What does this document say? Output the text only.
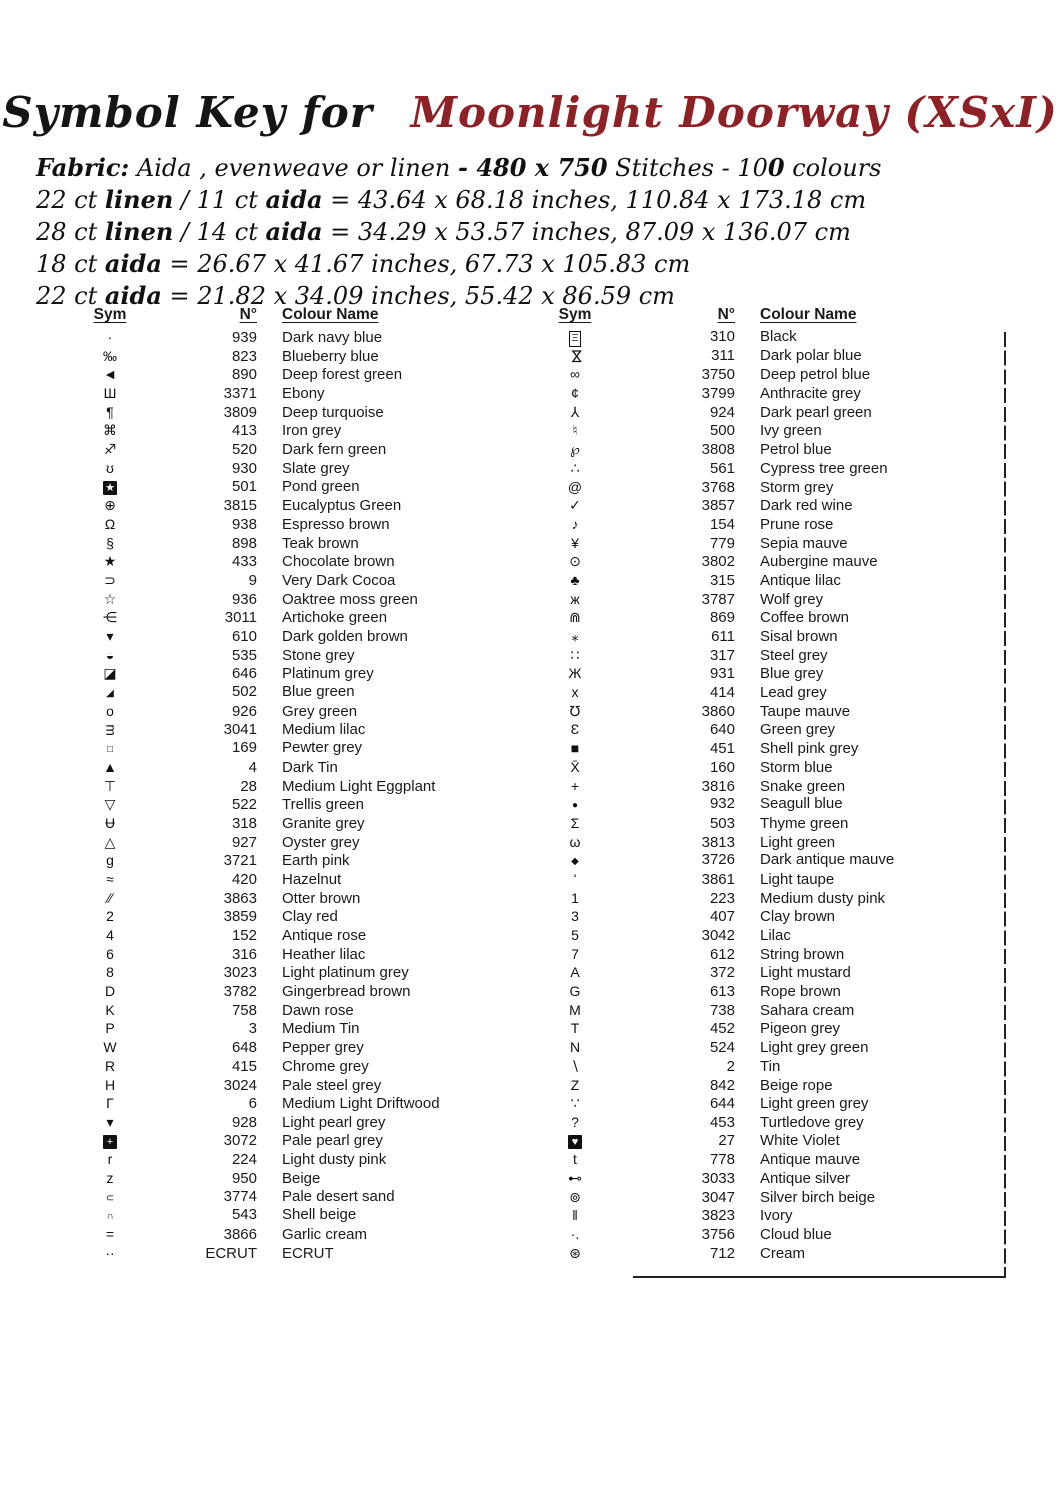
Symbol Key for Moonlight Doorway (XSxI)
Fabric: Aida , evenweave or linen - 480 x 750 Stitches - 100 colours
22 ct linen / 11 ct aida = 43.64 x 68.18 inches, 110.84 x 173.18 cm
28 ct linen / 14 ct aida = 34.29 x 53.57 inches, 87.09 x 136.07 cm
18 ct aida = 26.67 x 41.67 inches, 67.73 x 105.83 cm
22 ct aida = 21.82 x 34.09 inches, 55.42 x 86.59 cm
Sym	N°	Colour Name
·	939	Dark navy blue
‰	823	Blueberry blue
◄	890	Deep forest green
Ш	3371	Ebony
¶	3809	Deep turquoise
⌘	413	Iron grey
♐	520	Dark fern green
ʊ	930	Slate grey
★	501	Pond green
⊕	3815	Eucalyptus Green
Ω	938	Espresso brown
§	898	Teak brown
★	433	Chocolate brown
⊃	9	Very Dark Cocoa
☆	936	Oaktree moss green
⋲	3011	Artichoke green
▾	610	Dark golden brown
◒	535	Stone grey
◪	646	Platinum grey
◢	502	Blue green
o	926	Grey green
ᴟ	3041	Medium lilac
□	169	Pewter grey
▲	4	Dark Tin
⊤	28	Medium Light Eggplant
▽	522	Trellis green
Ʉ	318	Granite grey
△	927	Oyster grey
g	3721	Earth pink
≈	420	Hazelnut
∕∕	3863	Otter brown
2	3859	Clay red
4	152	Antique rose
6	316	Heather lilac
8	3023	Light platinum grey
D	3782	Gingerbread brown
K	758	Dawn rose
P	3	Medium Tin
W	648	Pepper grey
R	415	Chrome grey
H	3024	Pale steel grey
Γ	6	Medium Light Driftwood
▾	928	Light pearl grey
+	3072	Pale pearl grey
r	224	Light dusty pink
z	950	Beige
⊂	3774	Pale desert sand
∩	543	Shell beige
=	3866	Garlic cream
··	ECRUT	ECRUT
Sym	N°	Colour Name
Ξ	310	Black
⋈	311	Dark polar blue
∞	3750	Deep petrol blue
¢	3799	Anthracite grey
⅄	924	Dark pearl green
♮	500	Ivy green
℘	3808	Petrol blue
∴	561	Cypress tree green
@	3768	Storm grey
✓	3857	Dark red wine
♪	154	Prune rose
¥	779	Sepia mauve
⊙	3802	Aubergine mauve
♣	315	Antique lilac
ж	3787	Wolf grey
⋒	869	Coffee brown
⁎	611	Sisal brown
∷	317	Steel grey
Ж	931	Blue grey
x	414	Lead grey
℧	3860	Taupe mauve
Ɛ	640	Green grey
■	451	Shell pink grey
X̄	160	Storm blue
+	3816	Snake green
●	932	Seagull blue
Σ	503	Thyme green
ω	3813	Light green
◆	3726	Dark antique mauve
ʻ	3861	Light taupe
1	223	Medium dusty pink
3	407	Clay brown
5	3042	Lilac
7	612	String brown
A	372	Light mustard
G	613	Rope brown
M	738	Sahara cream
T	452	Pigeon grey
N	524	Light grey green
∖	2	Tin
Z	842	Beige rope
∵	644	Light green grey
?	453	Turtledove grey
♥	27	White Violet
t	778	Antique mauve
⊷	3033	Antique silver
⊚	3047	Silver birch beige
‖	3823	Ivory
·.	3756	Cloud blue
⊛	712	Cream
